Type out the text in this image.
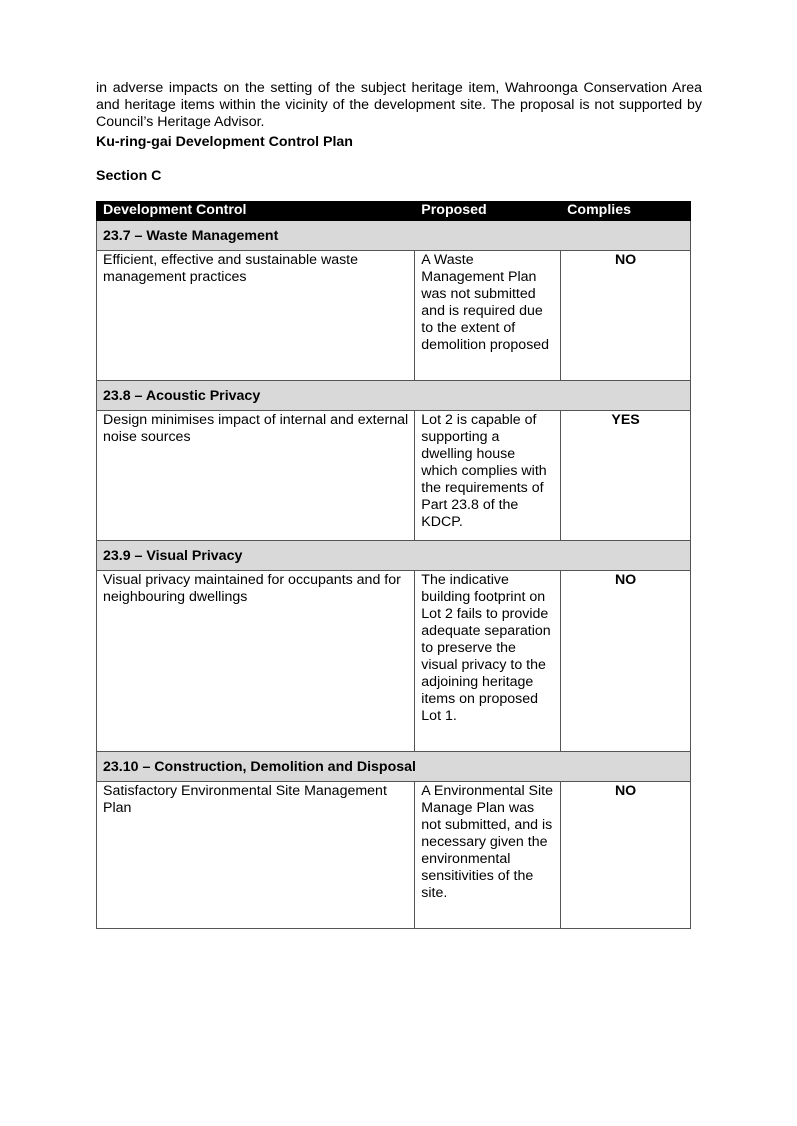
in adverse impacts on the setting of the subject heritage item, Wahroonga Conservation Area and heritage items within the vicinity of the development site. The proposal is not supported by Council’s Heritage Advisor.

Ku-ring-gai Development Control Plan
Section C
Development Control	Proposed	Complies
23.7 – Waste Management		
Efficient, effective and sustainable waste management practices	A Waste Management Plan was not submitted and is required due to the extent of demolition proposed	NO
23.8 – Acoustic Privacy		
Design minimises impact of internal and external noise sources	Lot 2 is capable of supporting a dwelling house which complies with the requirements of Part 23.8 of the KDCP.	YES
23.9 – Visual Privacy		
Visual privacy maintained for occupants and for neighbouring dwellings	The indicative building footprint on Lot 2 fails to provide adequate separation to preserve the visual privacy to the adjoining heritage items on proposed Lot 1.	NO
23.10 – Construction, Demolition and Disposal		
Satisfactory Environmental Site Management Plan	A Environmental Site Manage Plan was not submitted, and is necessary given the environmental sensitivities of the site.	NO
